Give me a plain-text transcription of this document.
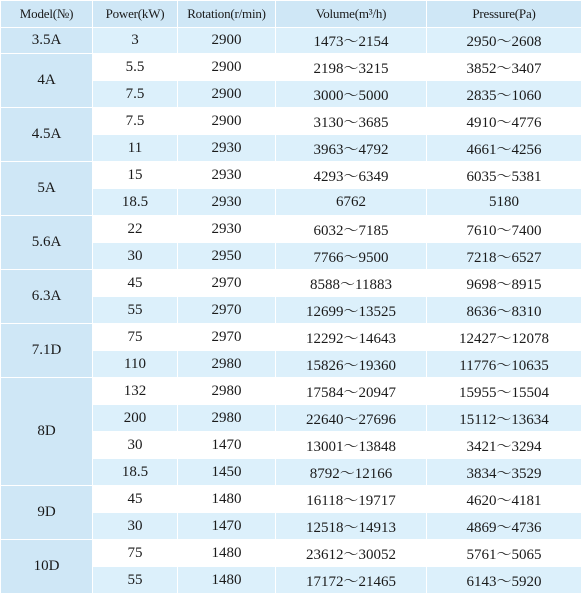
Model(№)	Power(kW)	Rotation(r/min)	Volume(m³/h)	Pressure(Pa)
3.5A	3	2900	1473～2154	2950～2608
4A	5.5	2900	2198～3215	3852～3407
	7.5	2900	3000～5000	2835～1060
4.5A	7.5	2900	3130～3685	4910～4776
	11	2930	3963～4792	4661～4256
5A	15	2930	4293～6349	6035～5381
	18.5	2930	6762	5180
5.6A	22	2930	6032～7185	7610～7400
	30	2950	7766～9500	7218～6527
6.3A	45	2970	8588～11883	9698～8915
	55	2970	12699～13525	8636～8310
7.1D	75	2970	12292～14643	12427～12078
	110	2980	15826～19360	11776～10635
8D	132	2980	17584～20947	15955～15504
	200	2980	22640～27696	15112～13634
	30	1470	13001～13848	3421～3294
	18.5	1450	8792～12166	3834～3529
9D	45	1480	16118～19717	4620～4181
	30	1470	12518～14913	4869～4736
10D	75	1480	23612～30052	5761～5065
	55	1480	17172～21465	6143～5920
